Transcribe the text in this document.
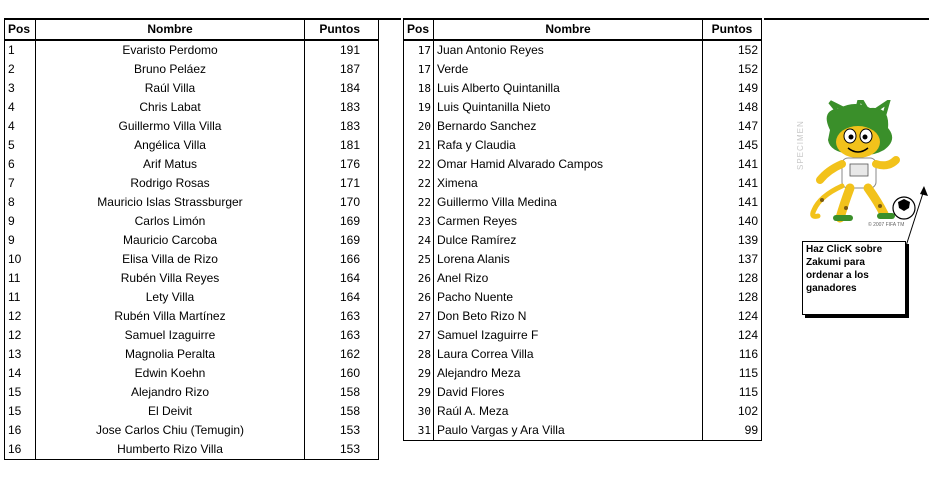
Pos	Nombre	Puntos
1	Evaristo Perdomo	191
2	Bruno Peláez	187
3	Raúl Villa	184
4	Chris Labat	183
4	Guillermo Villa Villa	183
5	Angélica Villa	181
6	Arif Matus	176
7	Rodrigo Rosas	171
8	Mauricio Islas Strassburger	170
9	Carlos Limón	169
9	Mauricio Carcoba	169
10	Elisa Villa de Rizo	166
11	Rubén Villa Reyes	164
11	Lety Villa	164
12	Rubén Villa Martínez	163
12	Samuel Izaguirre	163
13	Magnolia Peralta	162
14	Edwin Koehn	160
15	Alejandro Rizo	158
15	El Deivit	158
16	Jose Carlos Chiu (Temugin)	153
16	Humberto Rizo Villa	153
Pos	Nombre	Puntos
17	Juan Antonio Reyes	152
17	Verde	152
18	Luis Alberto Quintanilla	149
19	Luis Quintanilla Nieto	148
20	Bernardo Sanchez	147
21	Rafa y Claudia	145
22	Omar Hamid Alvarado Campos	141
22	Ximena	141
22	Guillermo Villa Medina	141
23	Carmen Reyes	140
24	Dulce Ramírez	139
25	Lorena Alanis	137
26	Anel Rizo	128
26	Pacho Nuente	128
27	Don Beto Rizo N	124
27	Samuel Izaguirre F	124
28	Laura Correa Villa	116
29	Alejandro Meza	115
29	David Flores	115
30	Raúl A. Meza	102
31	Paulo Vargas y Ara Villa	99
SPECIMEN
© 2007 FIFA TM
Haz ClicK sobre Zakumi para ordenar a los ganadores
